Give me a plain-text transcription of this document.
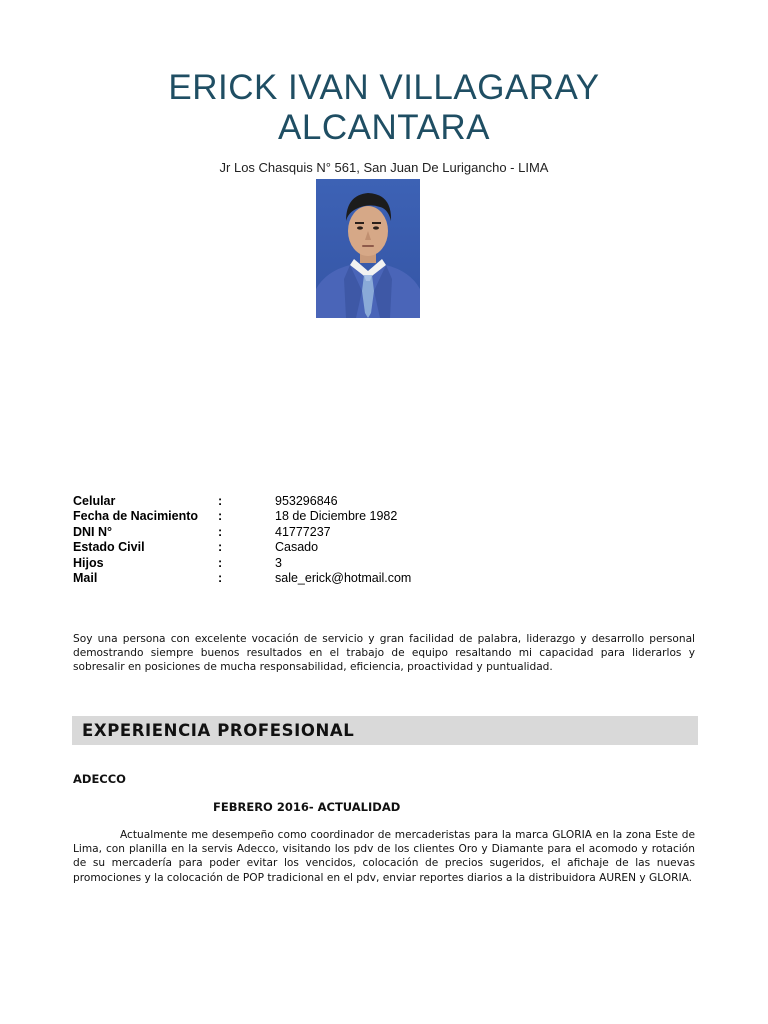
ERICK IVAN VILLAGARAY
ALCANTARA
Jr Los Chasquis N° 561, San Juan De Lurigancho - LIMA
Celular	:	953296846
Fecha de Nacimiento :	18 de Diciembre 1982
DNI N°	:	41777237
Estado Civil	:	Casado
Hijos	:	3
Mail	:	sale_erick@hotmail.com
Soy una persona con excelente vocación de servicio y gran facilidad de palabra, liderazgo y desarrollo personal demostrando siempre buenos resultados en el trabajo de equipo resaltando mi capacidad para liderarlos y sobresalir en posiciones de mucha responsabilidad, eficiencia, proactividad y puntualidad.
EXPERIENCIA PROFESIONAL
ADECCO
FEBRERO 2016- ACTUALIDAD
Actualmente me desempeño como coordinador de mercaderistas para la marca GLORIA en la zona Este de Lima, con planilla en la servis Adecco, visitando los pdv de los clientes Oro y Diamante para el acomodo y rotación de su mercadería para poder evitar los vencidos, colocación de precios sugeridos, el afichaje de las nuevas promociones y la colocación de POP tradicional en el pdv, enviar reportes diarios a la distribuidora AUREN y GLORIA.
